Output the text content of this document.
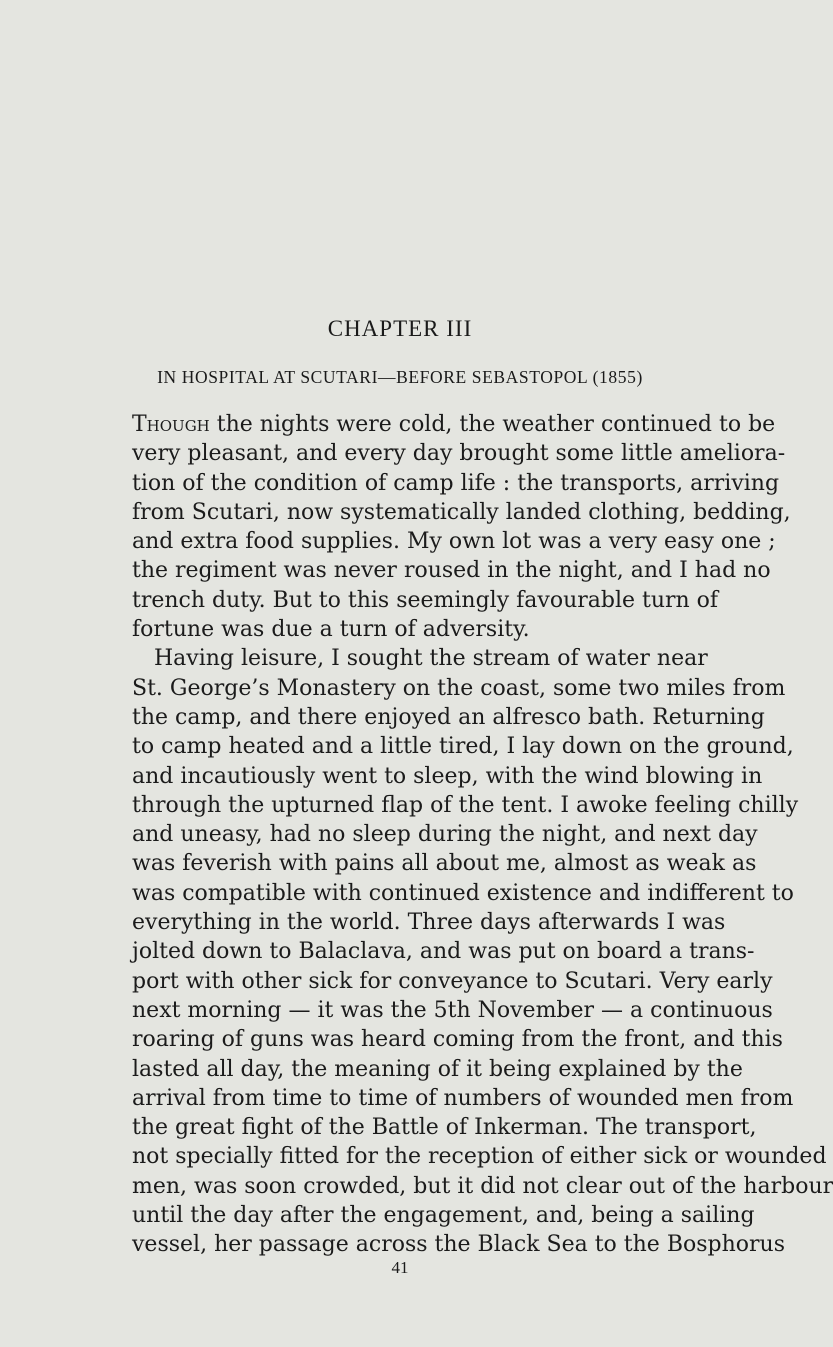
CHAPTER III
IN HOSPITAL AT SCUTARI—BEFORE SEBASTOPOL (1855)
Though the nights were cold, the weather continued to be
very pleasant, and every day brought some little ameliora-
tion of the condition of camp life : the transports, arriving
from Scutari, now systematically landed clothing, bedding,
and extra food supplies. My own lot was a very easy one ;
the regiment was never roused in the night, and I had no
trench duty. But to this seemingly favourable turn of
fortune was due a turn of adversity.
Having leisure, I sought the stream of water near
St. George’s Monastery on the coast, some two miles from
the camp, and there enjoyed an alfresco bath. Returning
to camp heated and a little tired, I lay down on the ground,
and incautiously went to sleep, with the wind blowing in
through the upturned flap of the tent. I awoke feeling chilly
and uneasy, had no sleep during the night, and next day
was feverish with pains all about me, almost as weak as
was compatible with continued existence and indifferent to
everything in the world. Three days afterwards I was
jolted down to Balaclava, and was put on board a trans-
port with other sick for conveyance to Scutari. Very early
next morning — it was the 5th November — a continuous
roaring of guns was heard coming from the front, and this
lasted all day, the meaning of it being explained by the
arrival from time to time of numbers of wounded men from
the great fight of the Battle of Inkerman. The transport,
not specially fitted for the reception of either sick or wounded
men, was soon crowded, but it did not clear out of the harbour
until the day after the engagement, and, being a sailing
vessel, her passage across the Black Sea to the Bosphorus
41
